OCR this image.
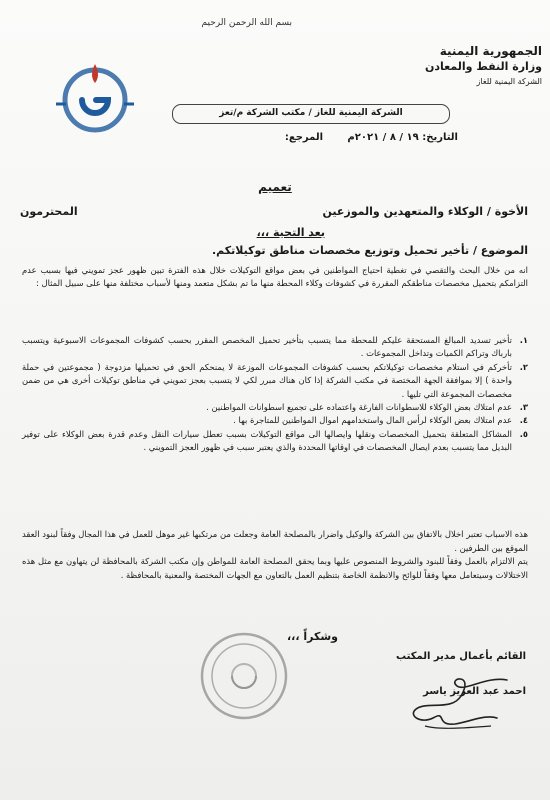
بسم الله الرحمن الرحيم
الجمهورية اليمنية
وزارة النفط والمعادن
الشركة اليمنية للغاز
الشركة اليمنية للغاز / مكتب الشركة م/تعز
التاريخ: ١٩ / ٨ / ٢٠٢١م       المرجع:
تعميم
الأخوة / الوكلاء والمتعهدين والموزعين
المحترمون
بعد التحية ،،،
الموضوع / تأخير تحميل وتوزيع مخصصات مناطق توكيلاتكم.

انه من خلال البحث والتقصي في تغطية احتياج المواطنين في بعض مواقع التوكيلات خلال هذه الفترة تبين ظهور عجز تمويني فيها بسبب عدم التزامكم بتحميل مخصصات مناطقكم المقررة في كشوفات وكلاء المحطة منها ما تم بشكل متعمد ومنها لأسباب مختلفة منها على سبيل المثال :

١.
تأخير تسديد المبالغ المستحقة عليكم للمحطة مما يتسبب بتأخير تحميل المخصص المقرر بحسب كشوفات المجموعات الاسبوعية ويتسبب بارباك وتراكم الكميات وتداخل المجموعات .
٢.
تأخركم في استلام مخصصات توكيلاتكم بحسب كشوفات المجموعات الموزعة لا يمنحكم الحق في تحميلها مزدوجة ( مجموعتين في حملة واحدة ) إلا بموافقة الجهة المختصة في مكتب الشركة إذا كان هناك مبرر لكي لا يتسبب بعجز تمويني في مناطق توكيلات أخرى هي من ضمن مخصصات المجموعة التي تليها .
٣.
عدم امتلاك بعض الوكلاء للاسطوانات الفارغة واعتماده على تجميع اسطوانات المواطنين .
٤.
عدم امتلاك بعض الوكلاء لرأس المال واستخدامهم اموال المواطنين للمتاجرة بها .
٥.
المشاكل المتعلقة بتحميل المخصصات ونقلها وايصالها الى مواقع التوكيلات بسبب تعطل سيارات النقل وعدم قدرة بعض الوكلاء على توفير البديل مما يتسبب بعدم ايصال المخصصات في اوقاتها المحددة والذي يعتبر سبب في ظهور العجز التمويني .

هذه الاسباب تعتبر اخلال بالاتفاق بين الشركة والوكيل واضرار بالمصلحة العامة وجعلت من مرتكبها غير موهل للعمل في هذا المجال وفقاً لبنود العقد الموقع بين الطرفين .

يتم الالتزام بالعمل وفقاً للبنود والشروط المنصوص عليها وبما يحقق المصلحة العامة للمواطن وإن مكتب الشركة بالمحافظة لن يتهاون مع مثل هذه الاختلالات وسيتعامل معها وفقاً للوائح والانظمة الخاصة بتنظيم العمل بالتعاون مع الجهات المختصة والمعنية بالمحافظة .

وشكراً ،،،
القائم بأعمال مدير المكتب
احمد عبد العزيز ياسر
